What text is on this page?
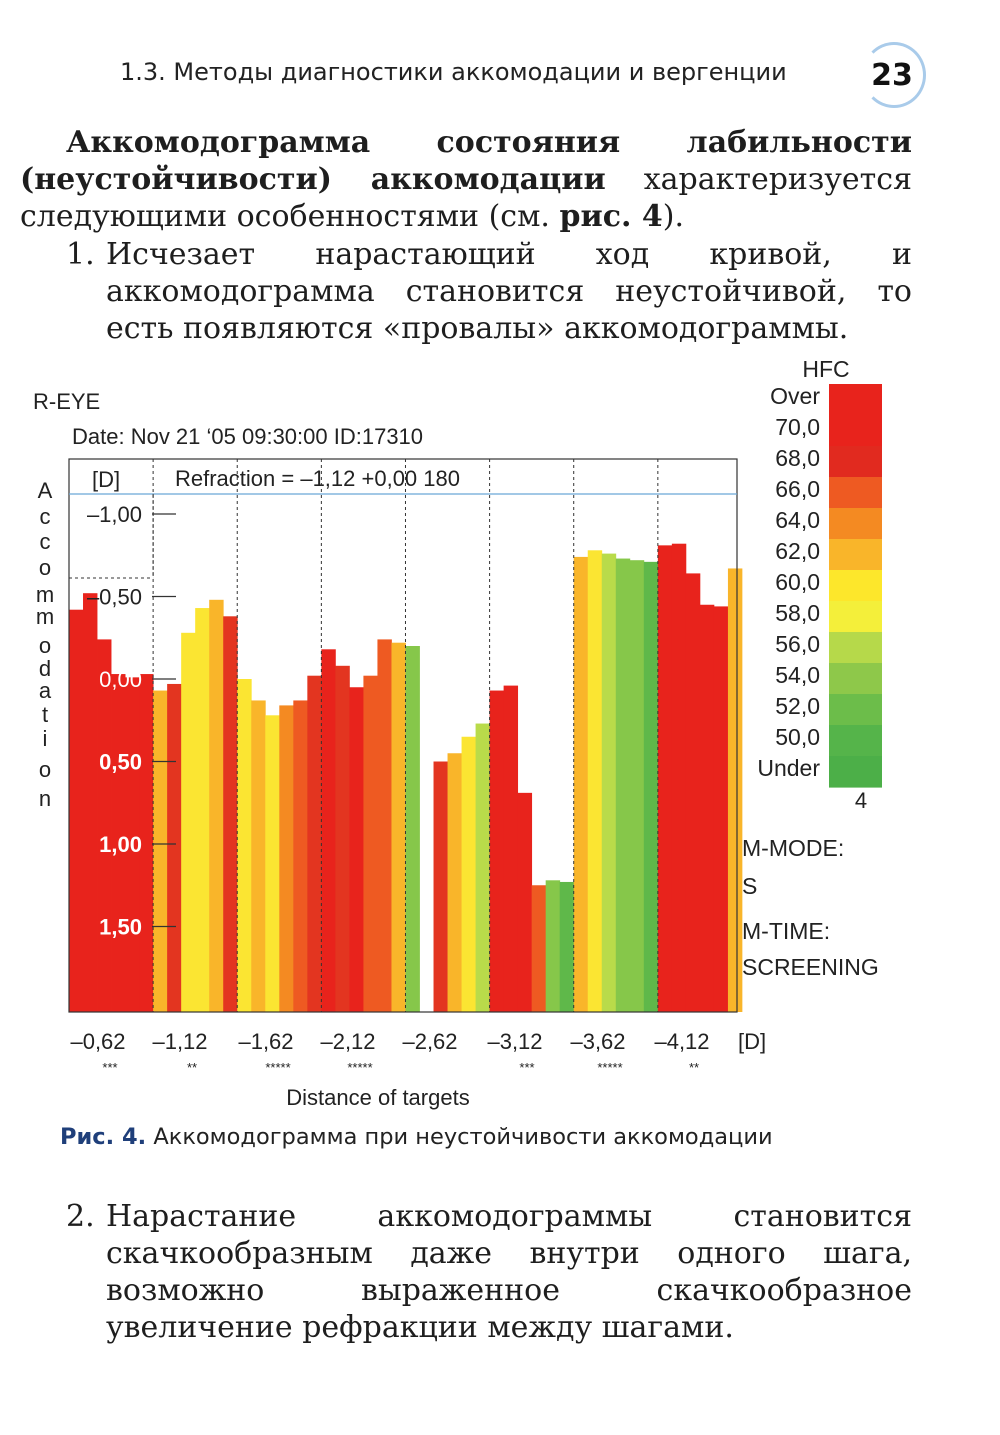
1.3. Методы диагностики аккомодации и вергенции	23
Аккомодограмма состояния лабильности (неустойчивости) аккомодации характеризуется следующими особенностями (см. рис. 4).
1. Исчезает нарастающий ход кривой, и аккомодограмма становится неустойчивой, то есть появляются «провалы» аккомодограммы.
R-EYE
Date: Nov 21 ‘05 09:30:00 ID:17310
A
c
c
o
m
m
o
d
a
t
i
o
n
[D] Refraction = –1,12 +0,00 180
–1,00
–0,50
0,00
0,50
1,00
1,50
HFC
4
Over
70,0
68,0
66,0
64,0
62,0
60,0
58,0
56,0
54,0
52,0
50,0
Under
M-MODE:
S
M-TIME:
SCREENING
[D]
Distance of targets
–0,62
***
–1,12
**
–1,62
*****
–2,12
*****
–2,62 –3,12
***
–3,62
*****
–4,12
**
Рис. 4. Аккомодограмма при неустойчивости аккомодации
2. Нарастание аккомодограммы становится скачкообразным даже внутри одного шага, возможно выраженное скачкообразное увеличение рефракции между шагами.
